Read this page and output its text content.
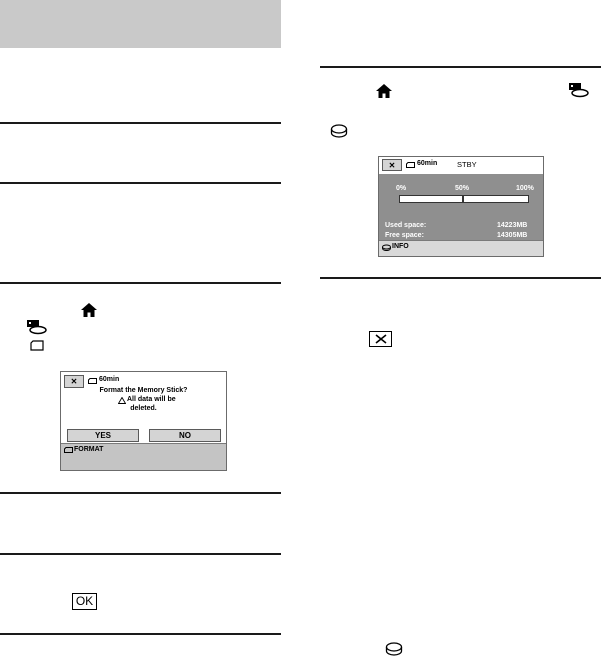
✕	60min
Format the Memory Stick?
All data will be
deleted.
YES	NO
FORMAT
OK
✕	60min	STBY
0%	50%	100%
Used space:	14223MB
Free space:	14305MB
INFO
